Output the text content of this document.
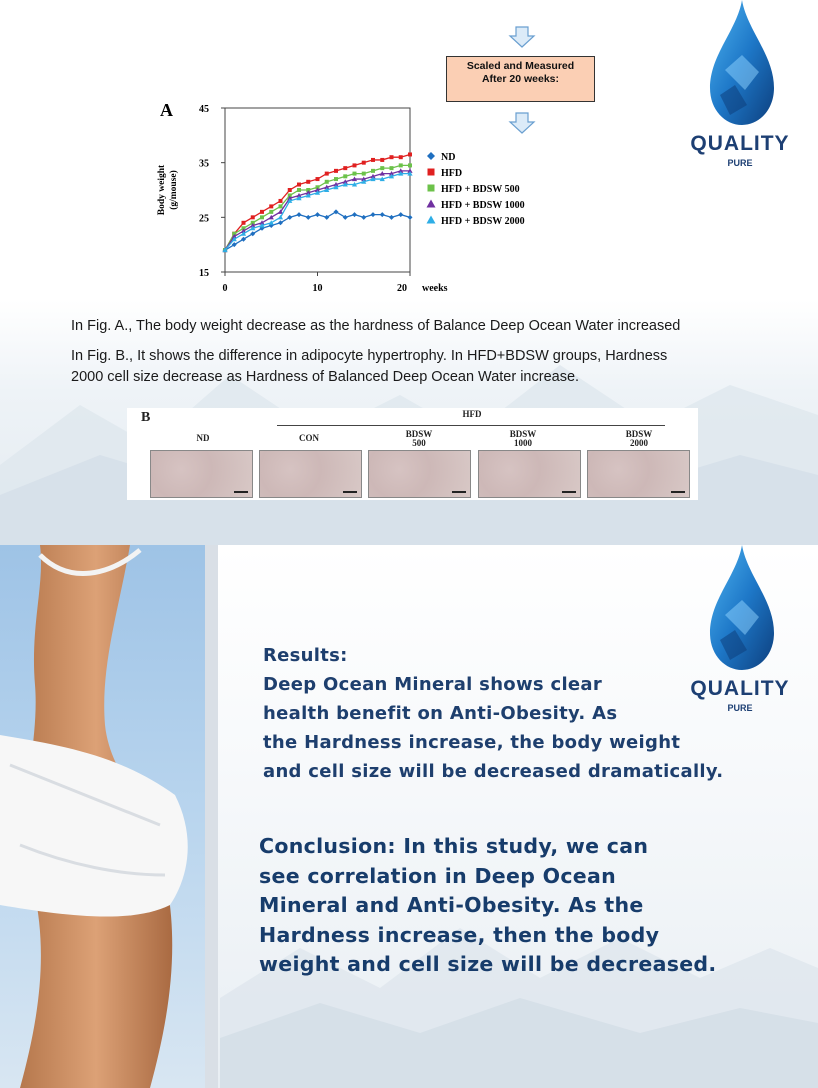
Scaled and Measured
After 20 weeks:
QUALITY
PURE
A
15
25
35
45
0	10	20 weeks
Body weight (g/mouse)
ND
HFD
HFD + BDSW 500
HFD + BDSW 1000
HFD + BDSW 2000
In Fig. A., The body weight decrease as the hardness of Balance Deep Ocean Water increased
In Fig. B., It shows the difference in adipocyte hypertrophy. In HFD+BDSW groups, Hardness
2000 cell size decrease as Hardness of Balanced Deep Ocean Water increase.
B	HFD
ND	CON	BDSW
500
BDSW
1000
BDSW
2000
QUALITY
PURE
Results:
Deep Ocean Mineral shows clear
health benefit on Anti-Obesity. As
the Hardness increase, the body weight
and cell size will be decreased dramatically.
Conclusion: In this study, we can
see correlation in Deep Ocean
Mineral and Anti-Obesity. As the
Hardness increase, then the body
weight and cell size will be decreased.
